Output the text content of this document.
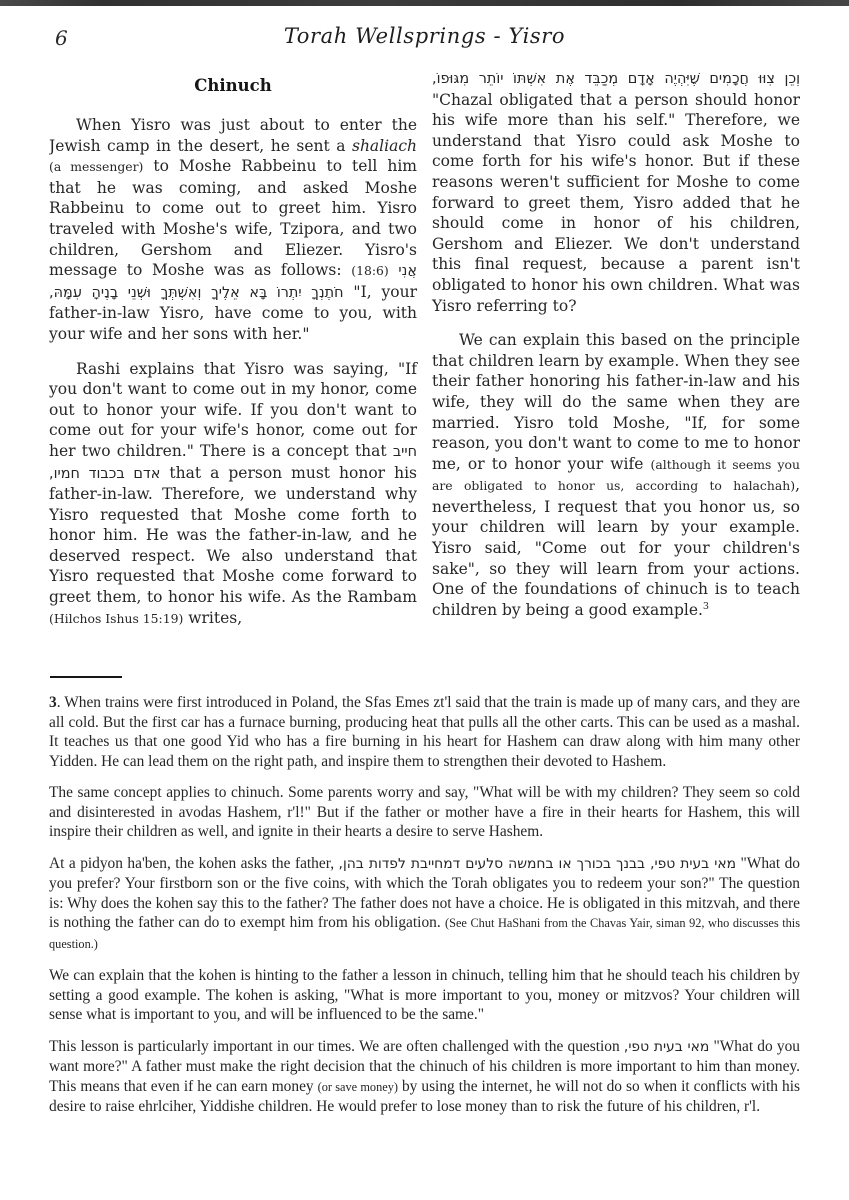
6	Torah Wellsprings - Yisro
Chinuch

When Yisro was just about to enter the Jewish camp in the desert, he sent a shaliach (a messenger) to Moshe Rabbeinu to tell him that he was coming, and asked Moshe Rabbeinu to come out to greet him. Yisro traveled with Moshe's wife, Tzipora, and two children, Gershom and Eliezer. Yisro's message to Moshe was as follows: (18:6) אֲנִי חֹתֶנְךָ יִתְרוֹ בָּא אֵלֶיךָ וְאִשְׁתְּךָ וּשְׁנֵי בָנֶיהָ עִמָּהּ, "I, your father-in-law Yisro, have come to you, with your wife and her sons with her."

Rashi explains that Yisro was saying, "If you don't want to come out in my honor, come out to honor your wife. If you don't want to come out for your wife's honor, come out for her two children." There is a concept that חייב אדם בכבוד חמיו, that a person must honor his father-in-law. Therefore, we understand why Yisro requested that Moshe come forth to honor him. He was the father-in-law, and he deserved respect. We also understand that Yisro requested that Moshe come forward to greet them, to honor his wife. As the Rambam (Hilchos Ishus 15:19) writes,

וְכֵן צִוּוּ חֲכָמִים שֶׁיִּהְיֶה אָדָם מְכַבֵּד אֶת אִשְׁתּוֹ יוֹתֵר מִגּוּפוֹ, "Chazal obligated that a person should honor his wife more than his self." Therefore, we understand that Yisro could ask Moshe to come forth for his wife's honor. But if these reasons weren't sufficient for Moshe to come forward to greet them, Yisro added that he should come in honor of his children, Gershom and Eliezer. We don't understand this final request, because a parent isn't obligated to honor his own children. What was Yisro referring to?

We can explain this based on the principle that children learn by example. When they see their father honoring his father-in-law and his wife, they will do the same when they are married. Yisro told Moshe, "If, for some reason, you don't want to come to me to honor me, or to honor your wife (although it seems you are obligated to honor us, according to halachah), nevertheless, I request that you honor us, so your children will learn by your example. Yisro said, "Come out for your children's sake", so they will learn from your actions. One of the foundations of chinuch is to teach children by being a good example.$^3$

3. When trains were first introduced in Poland, the Sfas Emes zt'l said that the train is made up of many cars, and they are all cold. But the first car has a furnace burning, producing heat that pulls all the other carts. This can be used as a mashal. It teaches us that one good Yid who has a fire burning in his heart for Hashem can draw along with him many other Yidden. He can lead them on the right path, and inspire them to strengthen their devoted to Hashem.

The same concept applies to chinuch. Some parents worry and say, "What will be with my children? They seem so cold and disinterested in avodas Hashem, r'l!" But if the father or mother have a fire in their hearts for Hashem, this will inspire their children as well, and ignite in their hearts a desire to serve Hashem.

At a pidyon ha'ben, the kohen asks the father, מאי בעית טפי, בבנך בכורך או בחמשה סלעים דמחייבת לפדות בהן, "What do you prefer? Your firstborn son or the five coins, with which the Torah obligates you to redeem your son?" The question is: Why does the kohen say this to the father? The father does not have a choice. He is obligated in this mitzvah, and there is nothing the father can do to exempt him from his obligation. (See Chut HaShani from the Chavas Yair, siman 92, who discusses this question.)

We can explain that the kohen is hinting to the father a lesson in chinuch, telling him that he should teach his children by setting a good example. The kohen is asking, "What is more important to you, money or mitzvos? Your children will sense what is important to you, and will be influenced to be the same."

This lesson is particularly important in our times. We are often challenged with the question מאי בעית טפי, "What do you want more?" A father must make the right decision that the chinuch of his children is more important to him than money. This means that even if he can earn money (or save money) by using the internet, he will not do so when it conflicts with his desire to raise ehrlciher, Yiddishe children. He would prefer to lose money than to risk the future of his children, r'l.
